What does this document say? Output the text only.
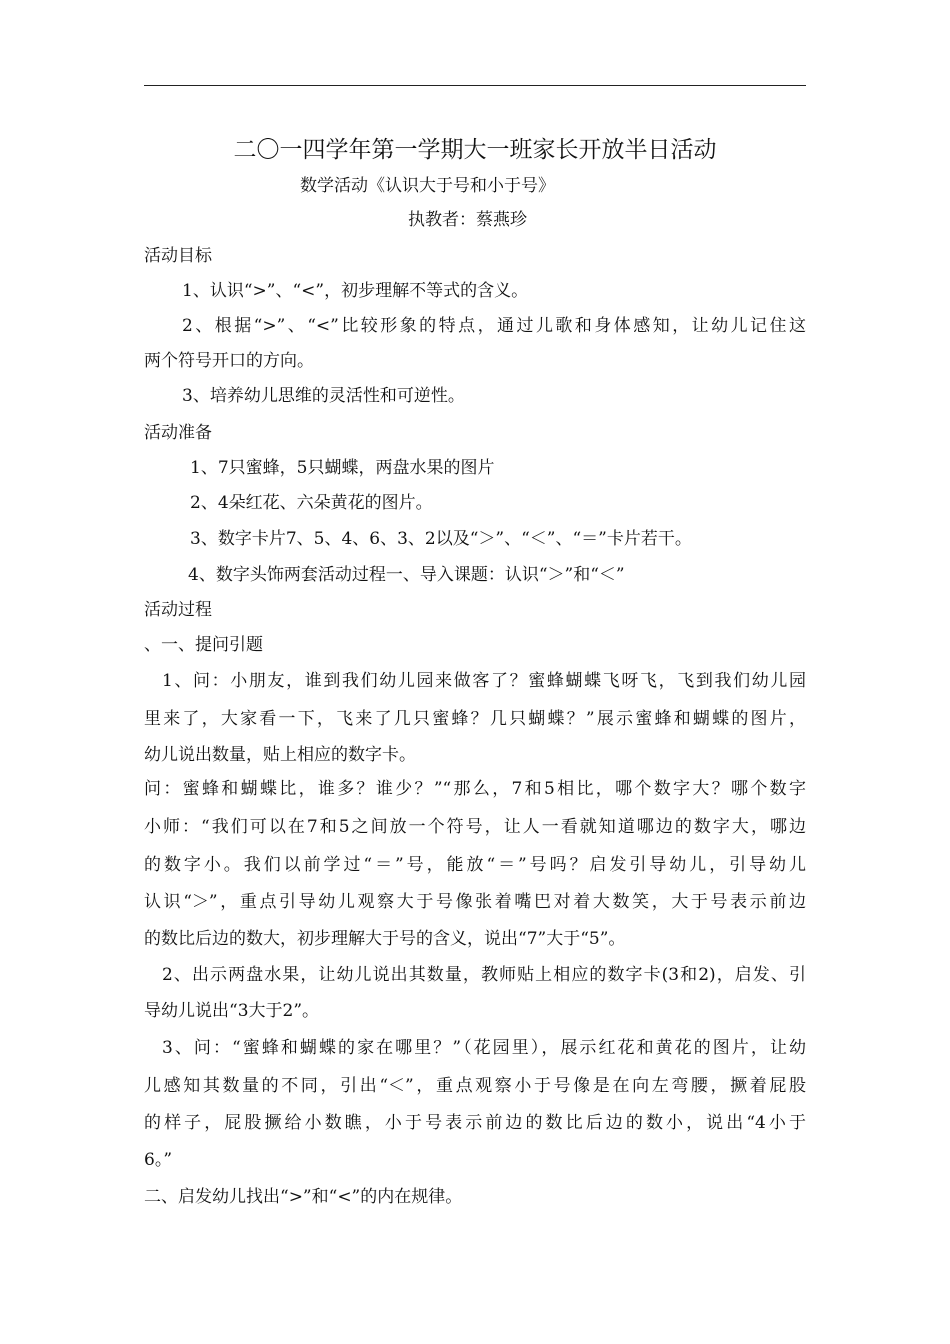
二〇一四学年第一学期大一班家长开放半日活动
数学活动《认识大于号和小于号》
执教者：蔡燕珍
活动目标
1、认识“>”、“<”，初步理解不等式的含义。
2、根据“>”、“<”比较形象的特点，通过儿歌和身体感知，让幼儿记住这
两个符号开口的方向。
3、培养幼儿思维的灵活性和可逆性。
活动准备
1、7只蜜蜂，5只蝴蝶，两盘水果的图片
2、4朵红花、六朵黄花的图片。
3、数字卡片7、5、4、6、3、2以及“＞”、“＜”、“＝”卡片若干。
4、数字头饰两套活动过程一、导入课题：认识“＞”和“＜”
活动过程
、一、提问引题
1、问：小朋友，谁到我们幼儿园来做客了？蜜蜂蝴蝶飞呀飞，飞到我们幼儿园
里来了，大家看一下，飞来了几只蜜蜂？几只蝴蝶？”展示蜜蜂和蝴蝶的图片，
幼儿说出数量，贴上相应的数字卡。
问：蜜蜂和蝴蝶比，谁多？谁少？”“那么，7和5相比，哪个数字大？哪个数字
小师：“我们可以在7和5之间放一个符号，让人一看就知道哪边的数字大，哪边
的数字小。我们以前学过“＝”号，能放“＝”号吗？启发引导幼儿，引导幼儿
认识“＞”，重点引导幼儿观察大于号像张着嘴巴对着大数笑，大于号表示前边
的数比后边的数大，初步理解大于号的含义，说出“7”大于“5”。
2、出示两盘水果，让幼儿说出其数量，教师贴上相应的数字卡(3和2)，启发、引
导幼儿说出“3大于2”。
3、问：“蜜蜂和蝴蝶的家在哪里？”（花园里），展示红花和黄花的图片，让幼
儿感知其数量的不同，引出“＜”，重点观察小于号像是在向左弯腰，撅着屁股
的样子，屁股撅给小数瞧，小于号表示前边的数比后边的数小，说出“4小于
6。”
二、启发幼儿找出“>”和“<”的内在规律。
